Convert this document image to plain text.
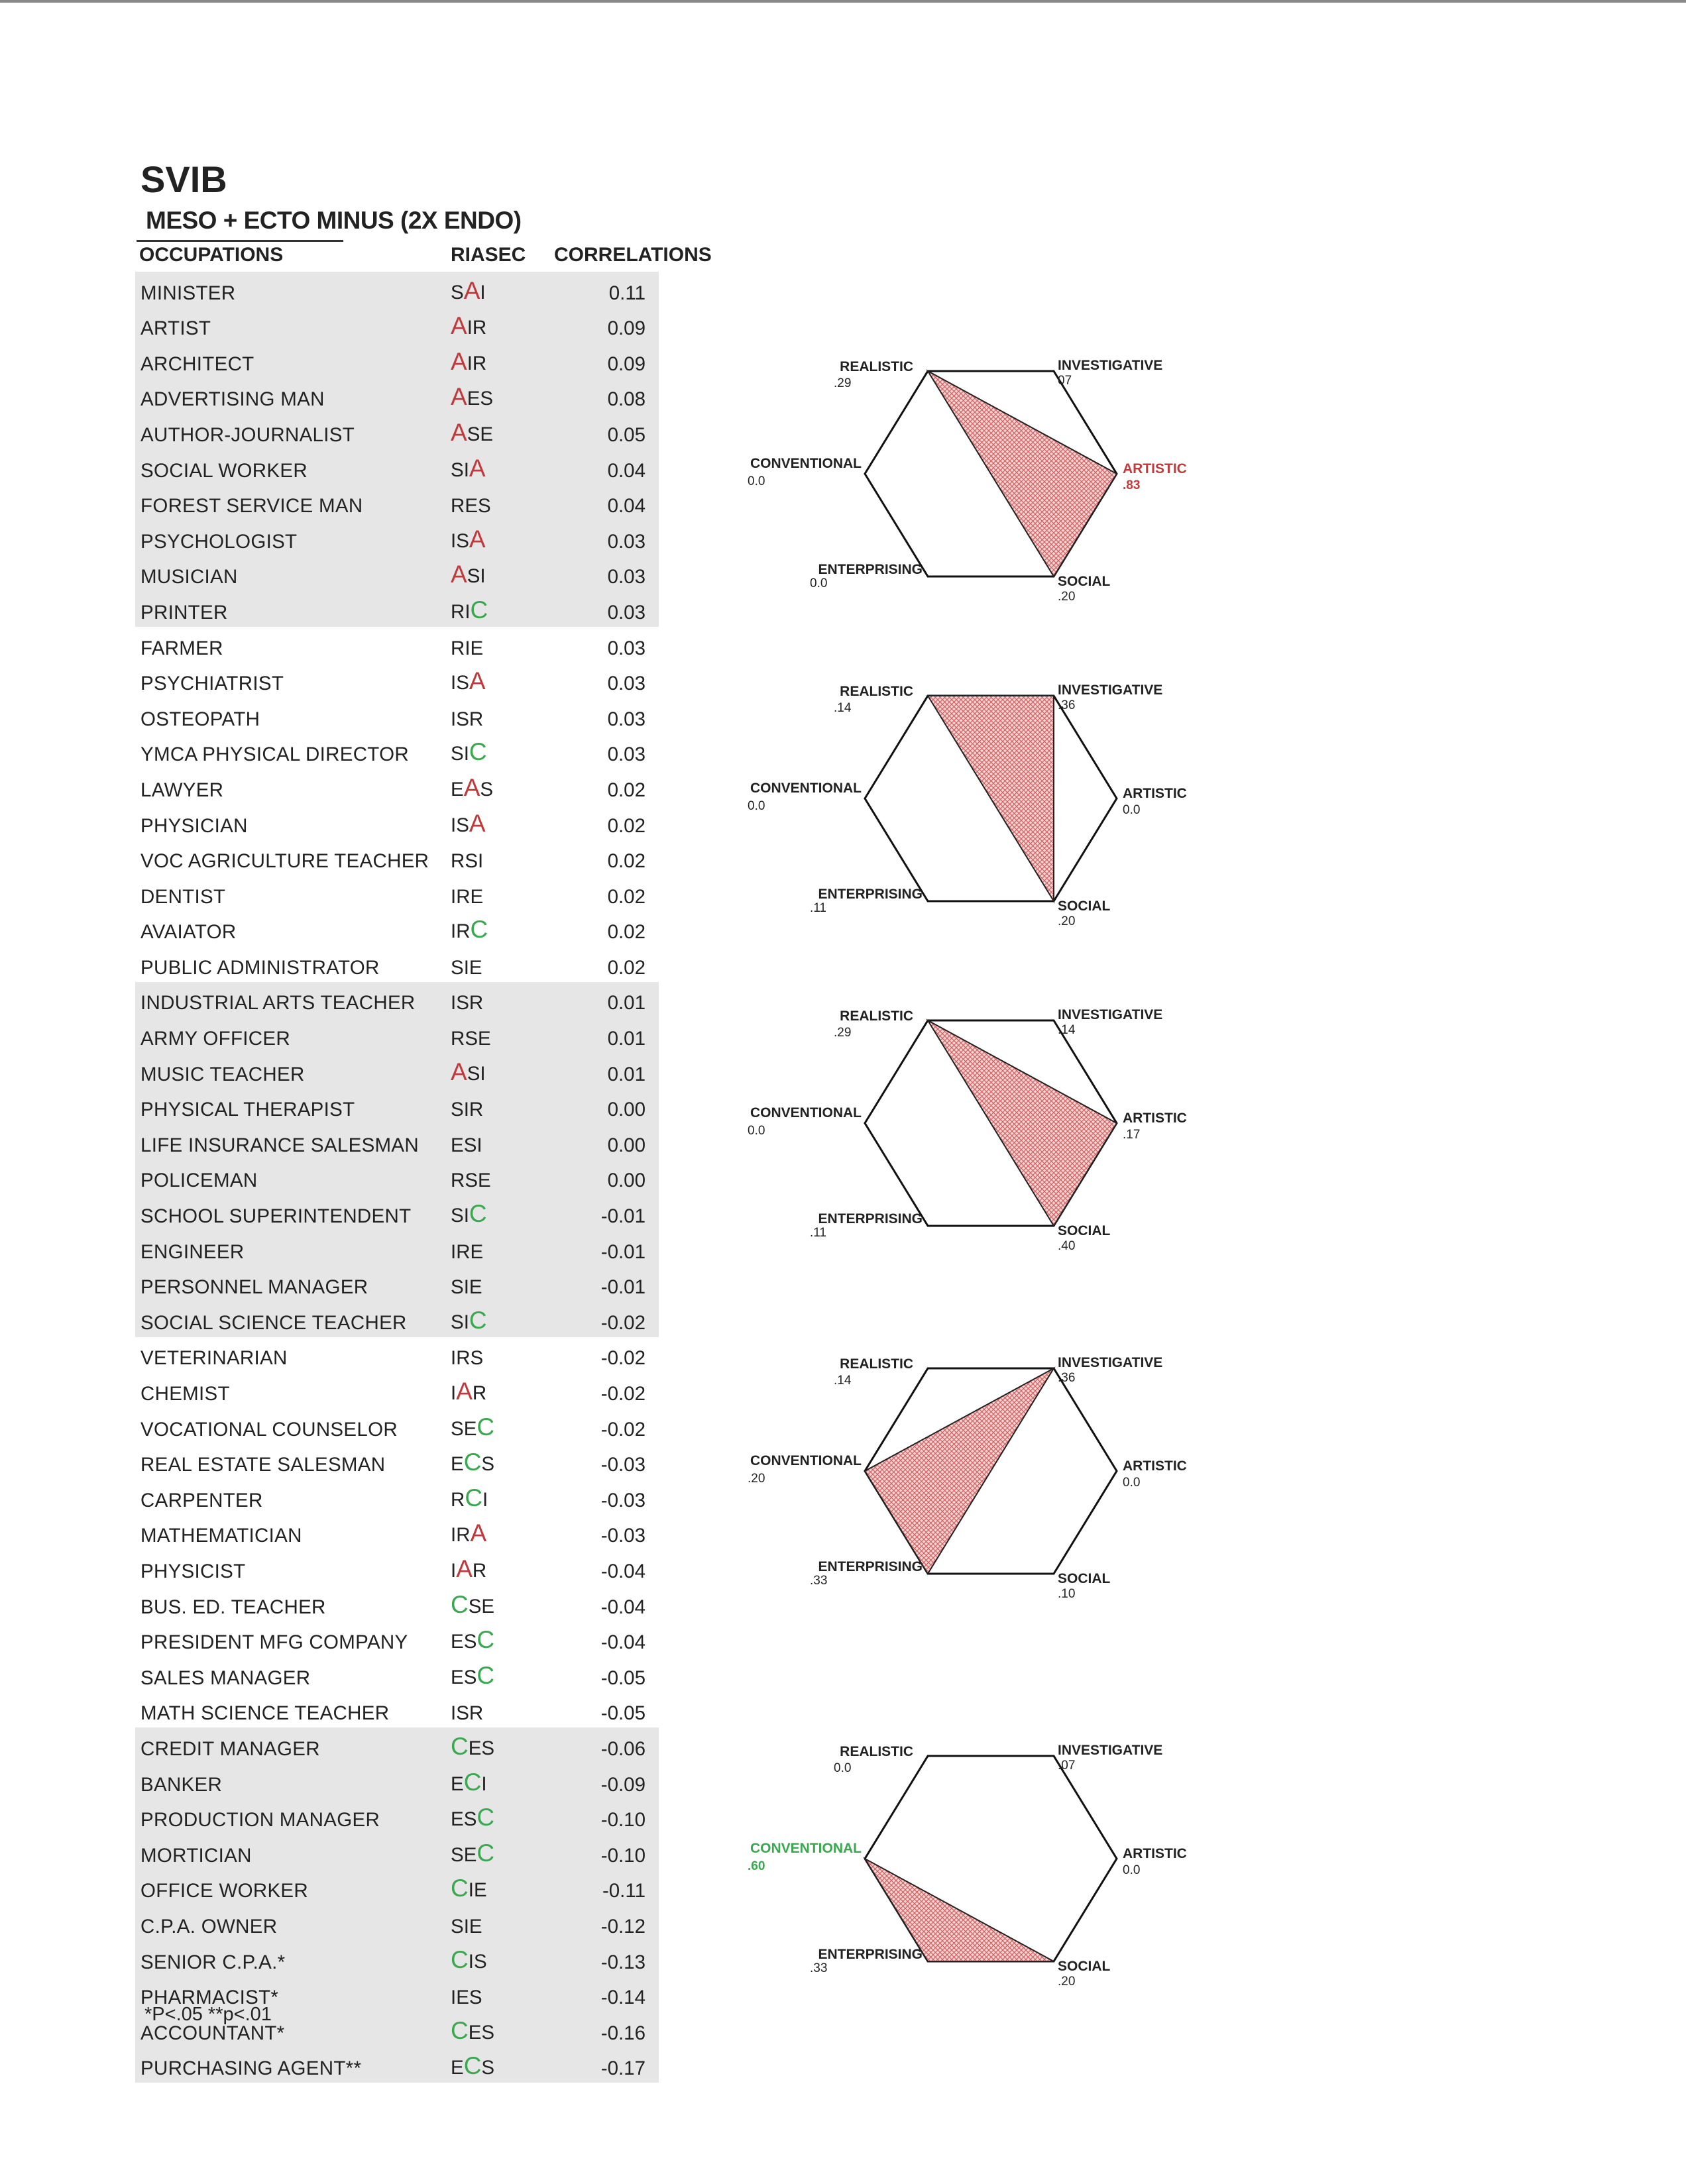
SVIB
MESO + ECTO MINUS (2X ENDO)
OCCUPATIONS	RIASEC CORRELATIONS
MINISTER	SAI	0.11
ARTIST	AIR	0.09
ARCHITECT	AIR	0.09
ADVERTISING MAN	AES	0.08
AUTHOR-JOURNALIST	ASE	0.05
SOCIAL WORKER	SIA	0.04
FOREST SERVICE MAN	RES	0.04
PSYCHOLOGIST	ISA	0.03
MUSICIAN	ASI	0.03
PRINTER	RIC	0.03
FARMER	RIE	0.03
PSYCHIATRIST	ISA	0.03
OSTEOPATH	ISR	0.03
YMCA PHYSICAL DIRECTOR SIC	0.03
LAWYER	EAS	0.02
PHYSICIAN	ISA	0.02
VOC AGRICULTURE TEACHER RSI	0.02
DENTIST	IRE	0.02
AVAIATOR	IRC	0.02
PUBLIC ADMINISTRATOR	SIE	0.02
INDUSTRIAL ARTS TEACHER ISR	0.01
ARMY OFFICER	RSE	0.01
MUSIC TEACHER	ASI	0.01
PHYSICAL THERAPIST	SIR	0.00
LIFE INSURANCE SALESMAN ESI	0.00
POLICEMAN	RSE	0.00
SCHOOL SUPERINTENDENT SIC	-0.01
ENGINEER	IRE	-0.01
PERSONNEL MANAGER	SIE	-0.01
SOCIAL SCIENCE TEACHER SIC	-0.02
VETERINARIAN	IRS	-0.02
CHEMIST	IAR	-0.02
VOCATIONAL COUNSELOR	SEC	-0.02
REAL ESTATE SALESMAN	ECS	-0.03
CARPENTER	RCI	-0.03
MATHEMATICIAN	IRA	-0.03
PHYSICIST	IAR	-0.04
BUS. ED. TEACHER	CSE	-0.04
PRESIDENT MFG COMPANY ESC	-0.04
SALES MANAGER	ESC	-0.05
MATH SCIENCE TEACHER	ISR	-0.05
CREDIT MANAGER	CES	-0.06
BANKER	ECI	-0.09
PRODUCTION MANAGER	ESC	-0.10
MORTICIAN	SEC	-0.10
OFFICE WORKER	CIE	-0.11
C.P.A. OWNER	SIE	-0.12
SENIOR C.P.A.*	CIS	-0.13
PHARMACIST*	IES	-0.14
ACCOUNTANT*	CES	-0.16
PURCHASING AGENT**	ECS	-0.17
*P<.05 **p<.01
REALISTIC
.29
INVESTIGATIVE
07
ARTISTIC
.83
SOCIAL
.20
ENTERPRISING
0.0
CONVENTIONAL
0.0
REALISTIC
.14
INVESTIGATIVE
.36
ARTISTIC
0.0
SOCIAL
.20
ENTERPRISING
.11
CONVENTIONAL
0.0
REALISTIC
.29
INVESTIGATIVE
.14
ARTISTIC
.17
SOCIAL
.40
ENTERPRISING
.11
CONVENTIONAL
0.0
REALISTIC
.14
INVESTIGATIVE
.36
ARTISTIC
0.0
SOCIAL
.10
ENTERPRISING
.33
CONVENTIONAL
.20
REALISTIC
0.0
INVESTIGATIVE
.07
ARTISTIC
0.0
SOCIAL
.20
ENTERPRISING
.33
CONVENTIONAL
.60
